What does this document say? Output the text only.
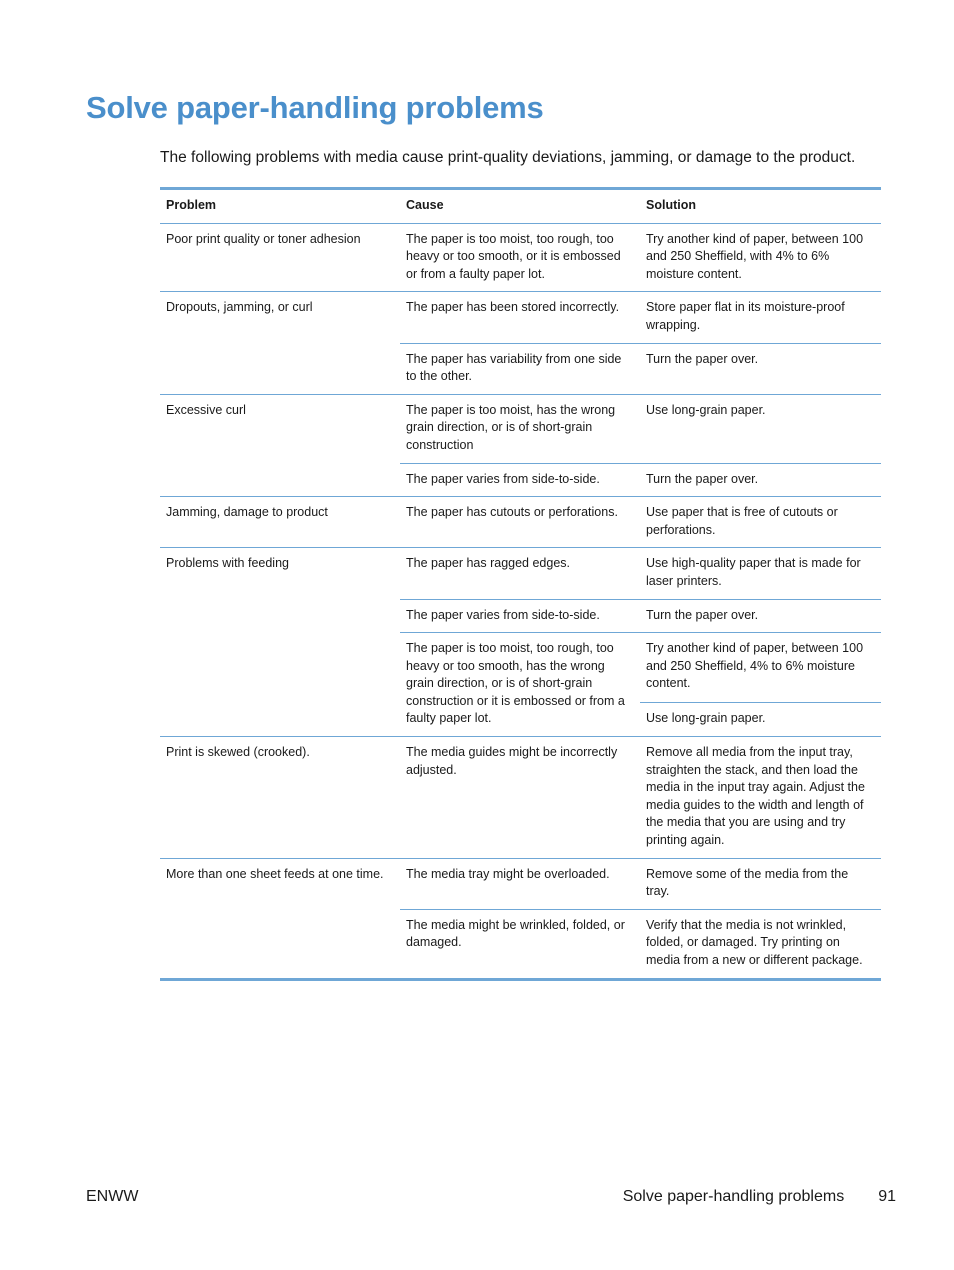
Solve paper-handling problems

The following problems with media cause print-quality deviations, jamming, or damage to the product.

Problem	Cause	Solution
Poor print quality or toner adhesion	The paper is too moist, too rough, too heavy or too smooth, or it is embossed or from a faulty paper lot.	Try another kind of paper, between 100 and 250 Sheffield, with 4% to 6% moisture content.
Dropouts, jamming, or curl	The paper has been stored incorrectly.	Store paper flat in its moisture-proof wrapping.
	The paper has variability from one side to the other.	Turn the paper over.
Excessive curl	The paper is too moist, has the wrong grain direction, or is of short-grain construction	Use long-grain paper.
	The paper varies from side-to-side.	Turn the paper over.
Jamming, damage to product	The paper has cutouts or perforations.	Use paper that is free of cutouts or perforations.
Problems with feeding	The paper has ragged edges.	Use high-quality paper that is made for laser printers.
	The paper varies from side-to-side.	Turn the paper over.
	The paper is too moist, too rough, too heavy or too smooth, has the wrong grain direction, or is of short-grain construction or it is embossed or from a faulty paper lot.	Try another kind of paper, between 100 and 250 Sheffield, 4% to 6% moisture content.
		Use long-grain paper.
Print is skewed (crooked).	The media guides might be incorrectly adjusted.	Remove all media from the input tray, straighten the stack, and then load the media in the input tray again. Adjust the media guides to the width and length of the media that you are using and try printing again.
More than one sheet feeds at one time.	The media tray might be overloaded.	Remove some of the media from the tray.
	The media might be wrinkled, folded, or damaged.	Verify that the media is not wrinkled, folded, or damaged. Try printing on media from a new or different package.

ENWW	Solve paper-handling problems 91
